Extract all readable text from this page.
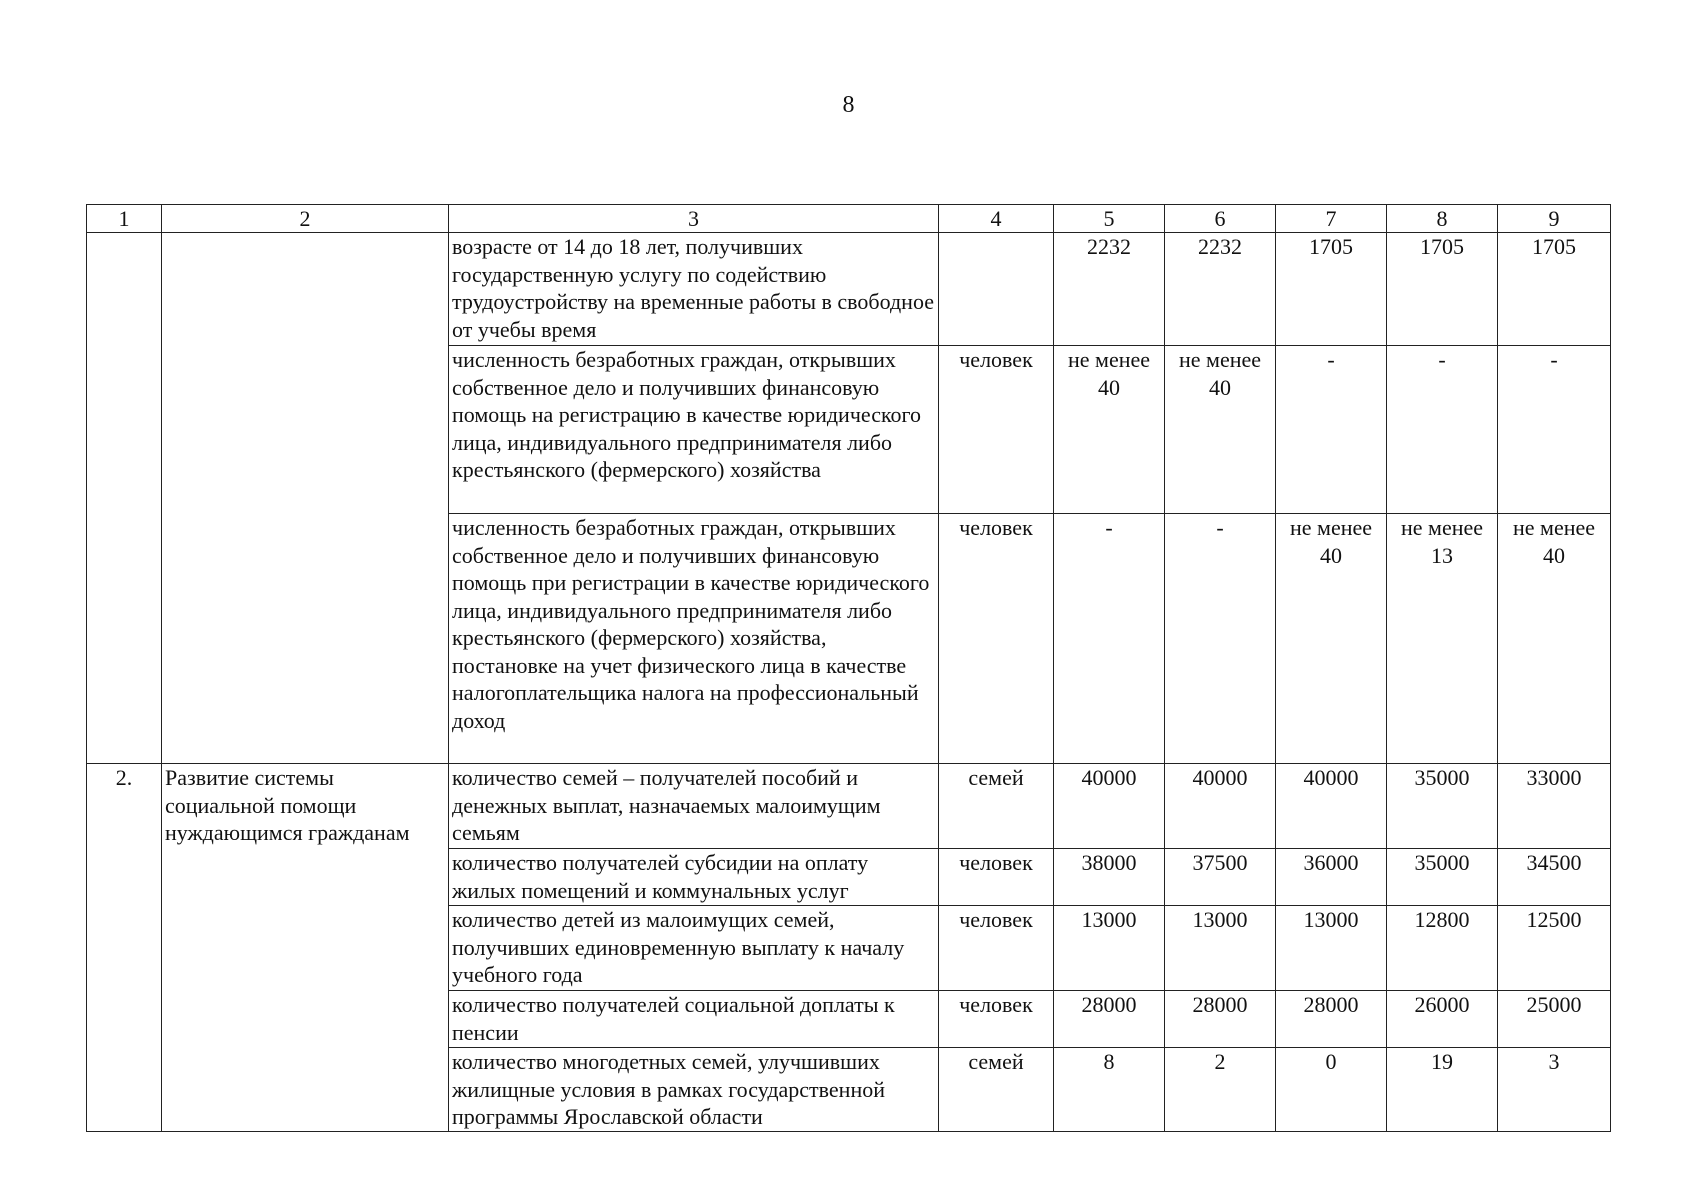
8
1	2	3	4	5	6	7	8	9
		возрасте от 14 до 18 лет, получивших государственную услугу по содействию трудоустройству на временные работы в свободное от учебы время		2232	2232	1705	1705	1705
		численность безработных граждан, открывших собственное дело и получивших финансовую помощь на регистрацию в качестве юридического лица, индивидуального предпринимателя либо крестьянского (фермерского) хозяйства	человек	не менее 40	не менее 40	-	-	-
		численность безработных граждан, открывших собственное дело и получивших финансовую помощь при регистрации в качестве юридического лица, индивидуального предпринимателя либо крестьянского (фермерского) хозяйства, постановке на учет физического лица в качестве налогоплательщика налога на профессиональный доход	человек	-	-	не менее 40	не менее 13	не менее 40
2.	Развитие системы социальной помощи нуждающимся гражданам	количество семей – получателей пособий и денежных выплат, назначаемых малоимущим семьям	семей	40000	40000	40000	35000	33000
		количество получателей субсидии на оплату жилых помещений и коммунальных услуг	человек	38000	37500	36000	35000	34500
		количество детей из малоимущих семей, получивших единовременную выплату к началу учебного года	человек	13000	13000	13000	12800	12500
		количество получателей социальной доплаты к пенсии	человек	28000	28000	28000	26000	25000
		количество многодетных семей, улучшивших жилищные условия в рамках государственной программы Ярославской области	семей	8	2	0	19	3
